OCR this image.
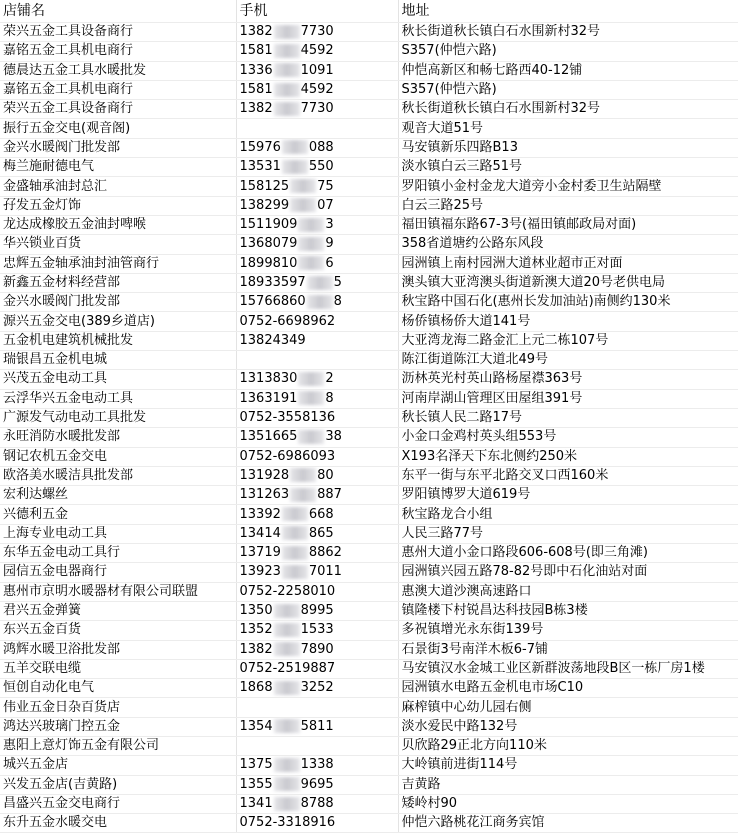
店铺名	手机	地址
荣兴五金工具设备商行	1382 7730	秋长街道秋长镇白石水围新村32号
嘉铭五金工具机电商行	1581 4592	S357(仲恺六路)
德晨达五金工具水暖批发	1336 1091	仲恺高新区和畅七路西40-12铺
嘉铭五金工具机电商行	1581 4592	S357(仲恺六路)
荣兴五金工具设备商行	1382 7730	秋长街道秋长镇白石水围新村32号
振行五金交电(观音阁)		观音大道51号
金兴水暖阀门批发部	15976 088	马安镇新乐四路B13
梅兰施耐德电气	13531 550	淡水镇白云三路51号
金盛轴承油封总汇	158125 75	罗阳镇小金村金龙大道旁小金村委卫生站隔壁
孖发五金灯饰	138299 07	白云三路25号
龙达成橡胶五金油封啤喉	1511909 3	福田镇福东路67-3号(福田镇邮政局对面)
华兴锁业百货	1368079 9	358省道塘约公路东风段
忠辉五金轴承油封油管商行	1899810 6	园洲镇上南村园洲大道林业超市正对面
新鑫五金材料经营部	18933597 5	澳头镇大亚湾澳头街道新澳大道20号老供电局
金兴水暖阀门批发部	15766860 8	秋宝路中国石化(惠州长发加油站)南侧约130米
源兴五金交电(389乡道店)	0752-6698962	杨侨镇杨侨大道141号
五金机电建筑机械批发	13824349	大亚湾龙海二路金汇上元二栋107号
瑞银昌五金机电城		陈江街道陈江大道北49号
兴茂五金电动工具	1313830 2	沥林英光村英山路杨屋襟363号
云浮华兴五金电动工具	1363191 8	河南岸湖山管理区田屋组391号
广源发气动电动工具批发	0752-3558136	秋长镇人民二路17号
永旺消防水暖批发部	1351665 38	小金口金鸡村英头组553号
钢记农机五金交电	0752-6986093	X193名泽天下东北侧约250米
欧洛美水暖洁具批发部	131928 80	东平一街与东平北路交叉口西160米
宏利达螺丝	131263 887	罗阳镇博罗大道619号
兴德利五金	13392 668	秋宝路龙合小组
上海专业电动工具	13414 865	人民三路77号
东华五金电动工具行	13719 8862	惠州大道小金口路段606-608号(即三角滩)
园信五金电器商行	13923 7011	园洲镇兴园五路78-82号即中石化油站对面
惠州市京明水暖器材有限公司联盟	0752-2258010	惠澳大道沙澳高速路口
君兴五金弹簧	1350 8995	镇隆楼下村锐昌达科技园B栋3楼
东兴五金百货	1352 1533	多祝镇增光永东街139号
鸿辉水暖卫浴批发部	1382 7890	石景街3号南洋木板6-7铺
五羊交联电缆	0752-2519887	马安镇汉水金城工业区新群波荡地段B区一栋厂房1楼
恒创自动化电气	1868 3252	园洲镇水电路五金机电市场C10
伟业五金日杂百货店		麻榨镇中心幼儿园右侧
鸿达兴玻璃门控五金	1354 5811	淡水爱民中路132号
惠阳上意灯饰五金有限公司		贝欣路29正北方向110米
城兴五金店	1375 1338	大岭镇前进街114号
兴发五金店(吉黄路)	1355 9695	吉黄路
昌盛兴五金交电商行	1341 8788	矮岭村90
东升五金水暖交电	0752-3318916	仲恺六路桃花江商务宾馆
